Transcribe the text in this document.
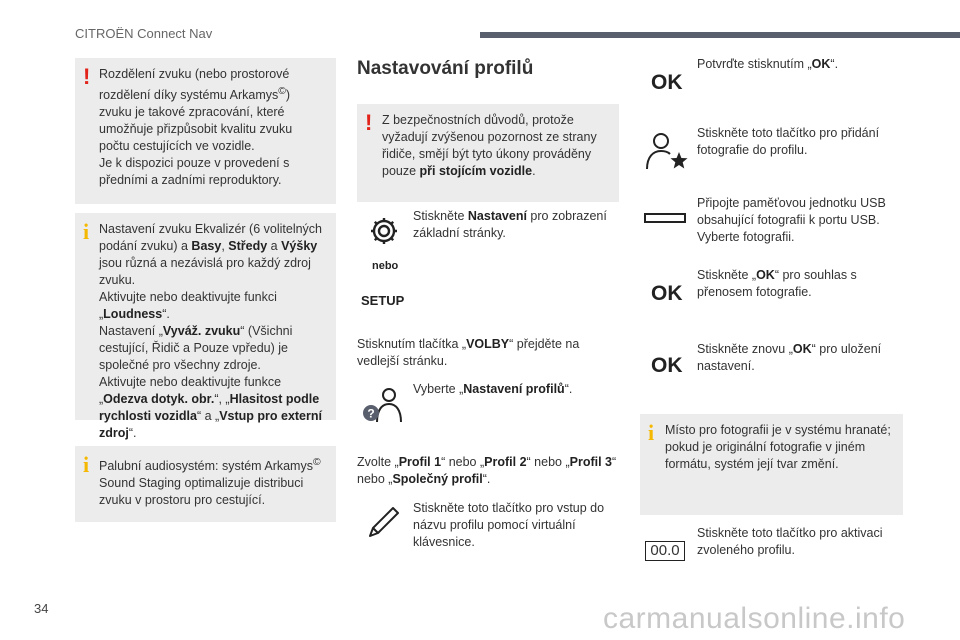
CITROËN Connect Nav
! Rozdělení zvuku (nebo prostorové rozdělení díky systému Arkamys©) zvuku je takové zpracování, které umožňuje přizpůsobit kvalitu zvuku počtu cestujících ve vozidle.
Je k dispozici pouze v provedení s předními a zadními reproduktory.
i Nastavení zvuku Ekvalizér (6 volitelných podání zvuku) a Basy, Středy a Výšky jsou různá a nezávislá pro každý zdroj zvuku.
Aktivujte nebo deaktivujte funkci „Loudness“.
Nastavení „Vyváž. zvuku“ (Všichni cestující, Řidič a Pouze vpředu) je společné pro všechny zdroje.
Aktivujte nebo deaktivujte funkce „Odezva dotyk. obr.“, „Hlasitost podle rychlosti vozidla“ a „Vstup pro externí zdroj“.
i Palubní audiosystém: systém Arkamys© Sound Staging optimalizuje distribuci zvuku v prostoru pro cestující.
Nastavování profilů
! Z bezpečnostních důvodů, protože vyžadují zvýšenou pozornost ze strany řidiče, smějí být tyto úkony prováděny pouze při stojícím vozidle.
Stiskněte Nastavení pro zobrazení základní stránky.
nebo
SETUP
Stisknutím tlačítka „VOLBY“ přejděte na vedlejší stránku.
?
Vyberte „Nastavení profilů“.
Zvolte „Profil 1“ nebo „Profil 2“ nebo „Profil 3“ nebo „Společný profil“.
Stiskněte toto tlačítko pro vstup do názvu profilu pomocí virtuální klávesnice.
OK
Potvrďte stisknutím „OK“.
Stiskněte toto tlačítko pro přidání fotografie do profilu.
Připojte paměťovou jednotku USB obsahující fotografii k portu USB. Vyberte fotografii.
OK
Stiskněte „OK“ pro souhlas s přenosem fotografie.
OK
Stiskněte znovu „OK“ pro uložení nastavení.
i Místo pro fotografii je v systému hranaté; pokud je originální fotografie v jiném formátu, systém její tvar změní.
00.0
Stiskněte toto tlačítko pro aktivaci zvoleného profilu.
34	carmanualsonline.info
